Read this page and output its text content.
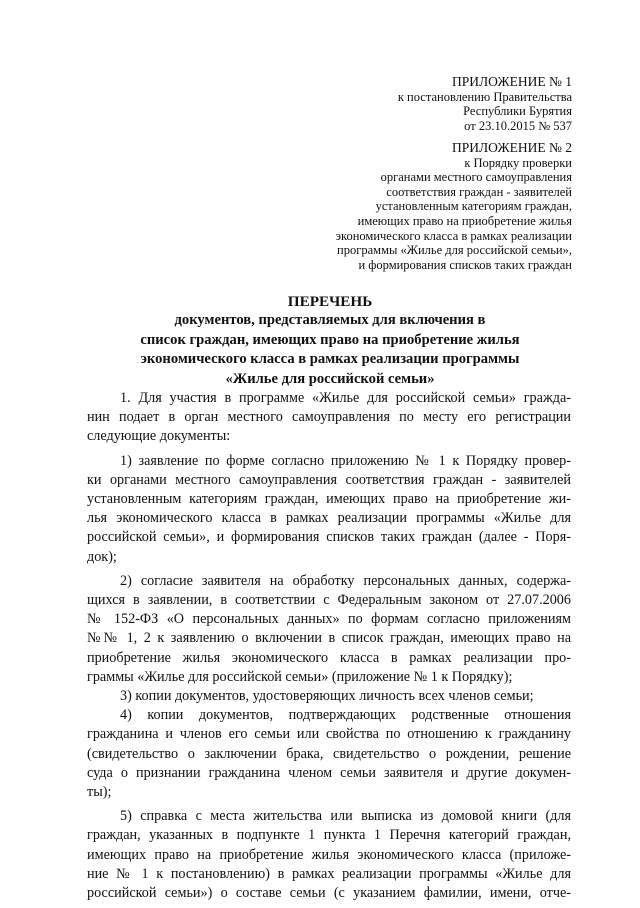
ПРИЛОЖЕНИЕ № 1
к постановлению Правительства
Республики Бурятия
от 23.10.2015 № 537
ПРИЛОЖЕНИЕ № 2
к Порядку проверки
органами местного самоуправления
соответствия граждан - заявителей
установленным категориям граждан,
имеющих право на приобретение жилья
экономического класса в рамках реализации
программы «Жилье для российской семьи»,
и формирования списков таких граждан
ПЕРЕЧЕНЬ
документов, представляемых для включения в
список граждан, имеющих право на приобретение жилья
экономического класса в рамках реализации программы
«Жилье для российской семьи»
1. Для участия в программе «Жилье для российской семьи» гражда-
нин подает в орган местного самоуправления по месту его регистрации
следующие документы:
1) заявление по форме согласно приложению № 1 к Порядку провер-
ки органами местного самоуправления соответствия граждан - заявителей
установленным категориям граждан, имеющих право на приобретение жи-
лья экономического класса в рамках реализации программы «Жилье для
российской семьи», и формирования списков таких граждан (далее - Поря-
док);
2) согласие заявителя на обработку персональных данных, содержа-
щихся в заявлении, в соответствии с Федеральным законом от 27.07.2006
№ 152-ФЗ «О персональных данных» по формам согласно приложениям
№№ 1, 2 к заявлению о включении в список граждан, имеющих право на
приобретение жилья экономического класса в рамках реализации про-
граммы «Жилье для российской семьи» (приложение № 1 к Порядку);
3) копии документов, удостоверяющих личность всех членов семьи;
4) копии документов, подтверждающих родственные отношения
гражданина и членов его семьи или свойства по отношению к гражданину
(свидетельство о заключении брака, свидетельство о рождении, решение
суда о признании гражданина членом семьи заявителя и другие докумен-
ты);
5) справка с места жительства или выписка из домовой книги (для
граждан, указанных в подпункте 1 пункта 1 Перечня категорий граждан,
имеющих право на приобретение жилья экономического класса (приложе-
ние № 1 к постановлению) в рамках реализации программы «Жилье для
российской семьи») о составе семьи (с указанием фамилии, имени, отче-
